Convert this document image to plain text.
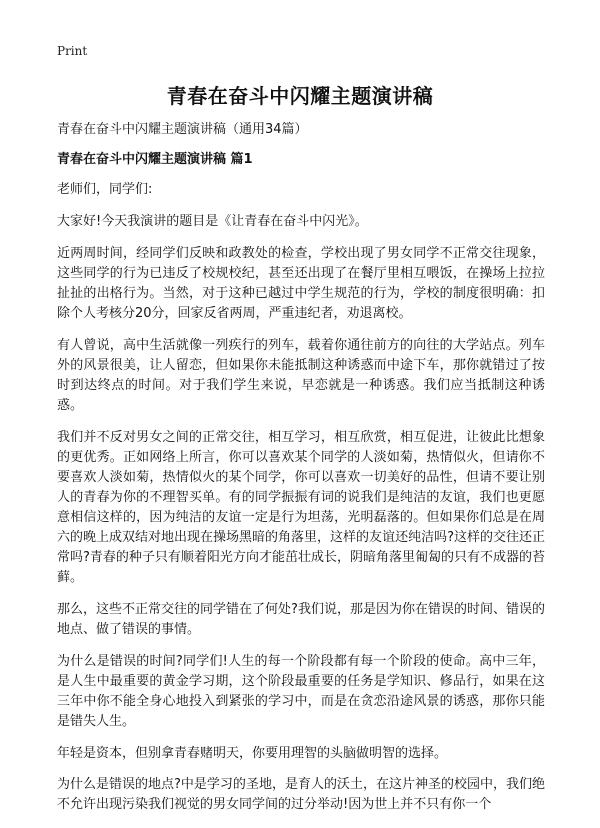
Print
青春在奋斗中闪耀主题演讲稿

青春在奋斗中闪耀主题演讲稿（通用34篇）

青春在奋斗中闪耀主题演讲稿 篇1

老师们，同学们:

大家好!今天我演讲的题目是《让青春在奋斗中闪光》。

近两周时间，经同学们反映和政教处的检查，学校出现了男女同学不正常交往现象，这些同学的行为已违反了校规校纪，甚至还出现了在餐厅里相互喂饭，在操场上拉拉扯扯的出格行为。当然，对于这种已越过中学生规范的行为，学校的制度很明确：扣除个人考核分20分，回家反省两周，严重违纪者，劝退离校。

有人曾说，高中生活就像一列疾行的列车，载着你通往前方的向往的大学站点。列车外的风景很美，让人留恋，但如果你未能抵制这种诱惑而中途下车，那你就错过了按时到达终点的时间。对于我们学生来说，早恋就是一种诱惑。我们应当抵制这种诱惑。

我们并不反对男女之间的正常交往，相互学习，相互欣赏，相互促进，让彼此比想象的更优秀。正如网络上所言，你可以喜欢某个同学的人淡如菊，热情似火，但请你不要喜欢人淡如菊，热情似火的某个同学，你可以喜欢一切美好的品性，但请不要让别人的青春为你的不理智买单。有的同学振振有词的说我们是纯洁的友谊，我们也更愿意相信这样的，因为纯洁的友谊一定是行为坦荡，光明磊落的。但如果你们总是在周六的晚上成双结对地出现在操场黑暗的角落里，这样的友谊还纯洁吗?这样的交往还正常吗?青春的种子只有顺着阳光方向才能茁壮成长，阴暗角落里匍匐的只有不成器的苔藓。

那么，这些不正常交往的同学错在了何处?我们说，那是因为你在错误的时间、错误的地点、做了错误的事情。

为什么是错误的时间?同学们!人生的每一个阶段都有每一个阶段的使命。高中三年，是人生中最重要的黄金学习期，这个阶段最重要的任务是学知识、修品行，如果在这三年中你不能全身心地投入到紧张的学习中，而是在贪恋沿途风景的诱惑，那你只能是错失人生。

年轻是资本，但别拿青春赌明天，你要用理智的头脑做明智的选择。

为什么是错误的地点?中是学习的圣地，是育人的沃土，在这片神圣的校园中，我们绝不允许出现污染我们视觉的男女同学间的过分举动!因为世上并不只有你一个
